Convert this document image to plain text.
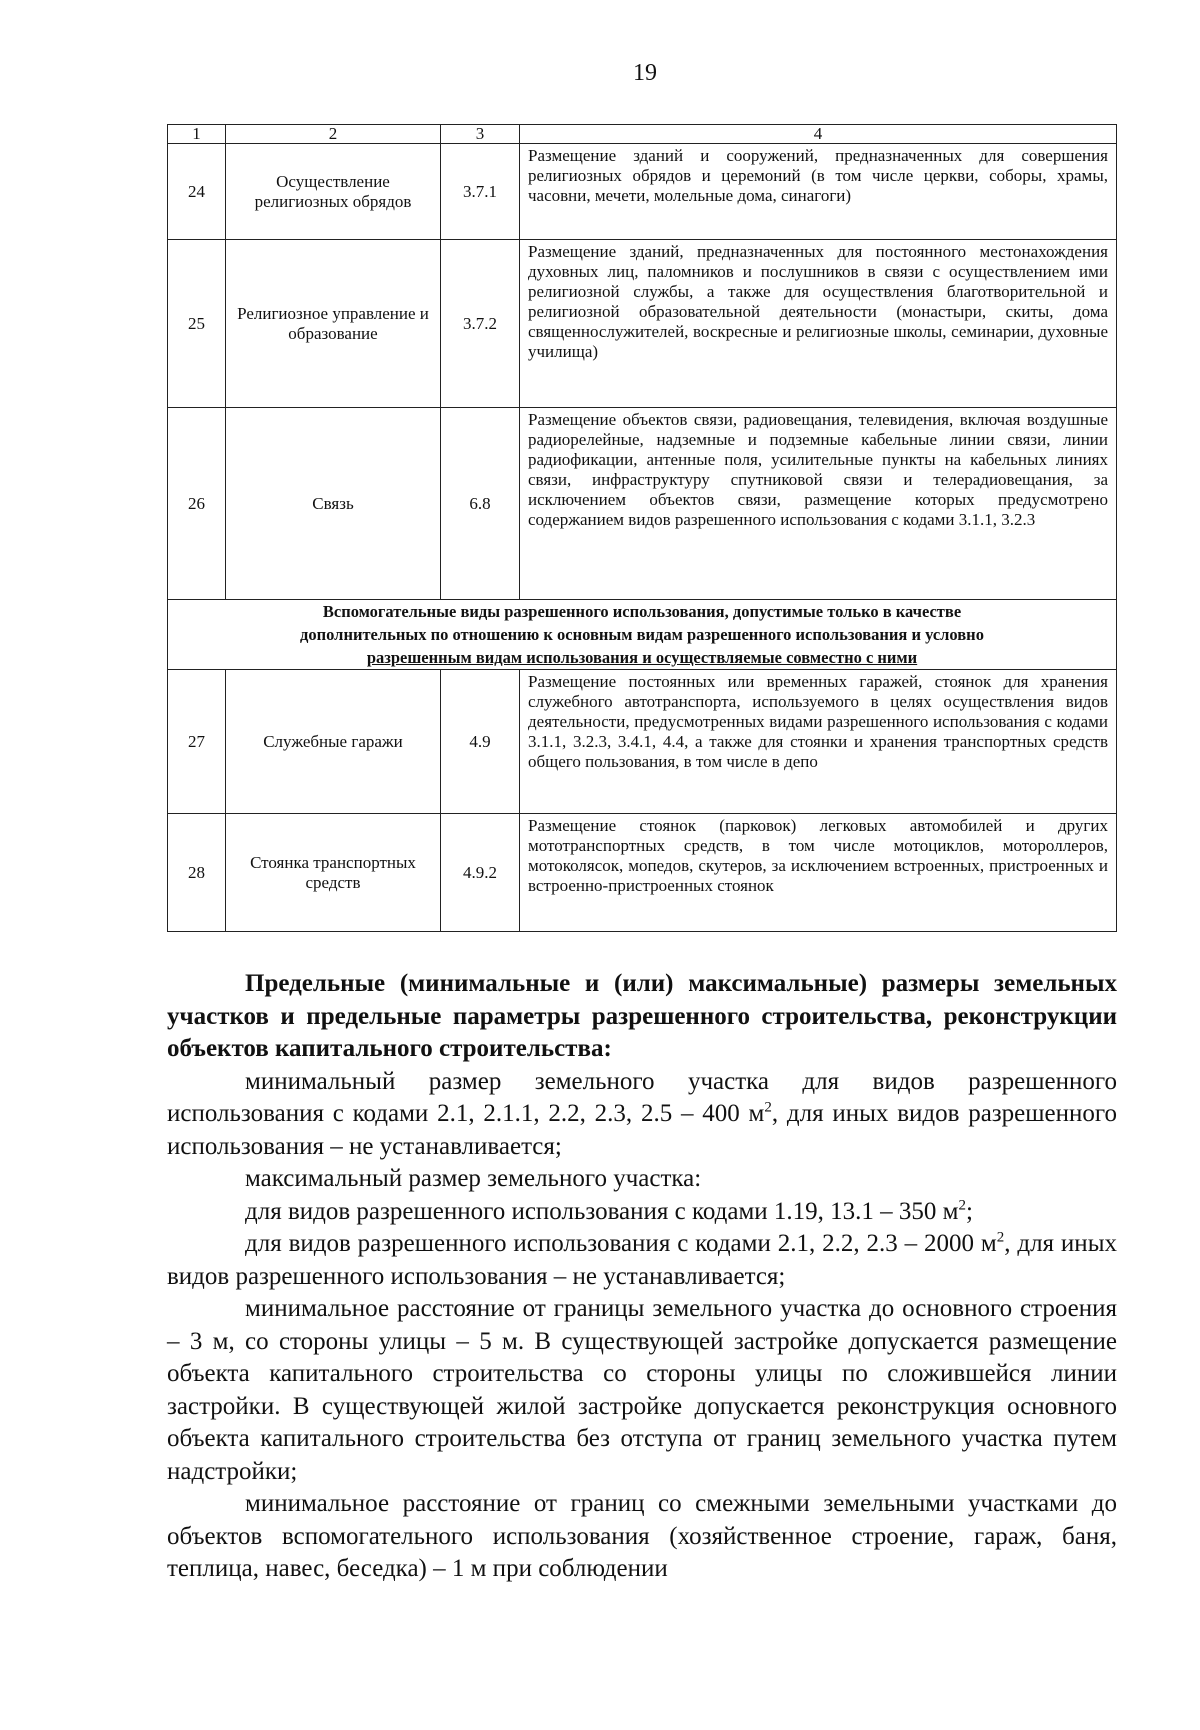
19
1	2	3	4
24	Осуществление религиозных обрядов	3.7.1	Размещение зданий и сооружений, предназначенных для совершения религиозных обрядов и церемоний (в том числе церкви, соборы, храмы, часовни, мечети, молельные дома, синагоги)
25	Религиозное управление и образование	3.7.2	Размещение зданий, предназначенных для постоянного местонахождения духовных лиц, паломников и послушников в связи с осуществлением ими религиозной службы, а также для осуществления благотворительной и религиозной образовательной деятельности (монастыри, скиты, дома священнослужителей, воскресные и религиозные школы, семинарии, духовные училища)
26	Связь	6.8	Размещение объектов связи, радиовещания, телевидения, включая воздушные радиорелейные, надземные и подземные кабельные линии связи, линии радиофикации, антенные поля, усилительные пункты на кабельных линиях связи, инфраструктуру спутниковой связи и телерадиовещания, за исключением объектов связи, размещение которых предусмотрено содержанием видов разрешенного использования с кодами 3.1.1, 3.2.3
Вспомогательные виды разрешенного использования, допустимые только в качестве
дополнительных по отношению к основным видам разрешенного использования и условно
разрешенным видам использования и осуществляемые совместно с ними			
27	Служебные гаражи	4.9	Размещение постоянных или временных гаражей, стоянок для хранения служебного автотранспорта, используемого в целях осуществления видов деятельности, предусмотренных видами разрешенного использования с кодами 3.1.1, 3.2.3, 3.4.1, 4.4, а также для стоянки и хранения транспортных средств общего пользования, в том числе в депо
28	Стоянка транспортных средств	4.9.2	Размещение стоянок (парковок) легковых автомобилей и других мототранспортных средств, в том числе мотоциклов, мотороллеров, мотоколясок, мопедов, скутеров, за исключением встроенных, пристроенных и встроенно-пристроенных стоянок

Предельные (минимальные и (или) максимальные) размеры земельных участков и предельные параметры разрешенного строительства, реконструкции объектов капитального строительства:

минимальный размер земельного участка для видов разрешенного использования с кодами 2.1, 2.1.1, 2.2, 2.3, 2.5 – 400 $м^2$, для иных видов разрешенного использования – не устанавливается;

максимальный размер земельного участка:

для видов разрешенного использования с кодами 1.19, 13.1 – 350 $м^2$;

для видов разрешенного использования с кодами 2.1, 2.2, 2.3 – 2000 $м^2$, для иных видов разрешенного использования – не устанавливается;

минимальное расстояние от границы земельного участка до основного строения – 3 м, со стороны улицы – 5 м. В существующей застройке допускается размещение объекта капитального строительства со стороны улицы по сложившейся линии застройки. В существующей жилой застройке допускается реконструкция основного объекта капитального строительства без отступа от границ земельного участка путем надстройки;

минимальное расстояние от границ со смежными земельными участками до объектов вспомогательного использования (хозяйственное строение, гараж, баня, теплица, навес, беседка) – 1 м при соблюдении
